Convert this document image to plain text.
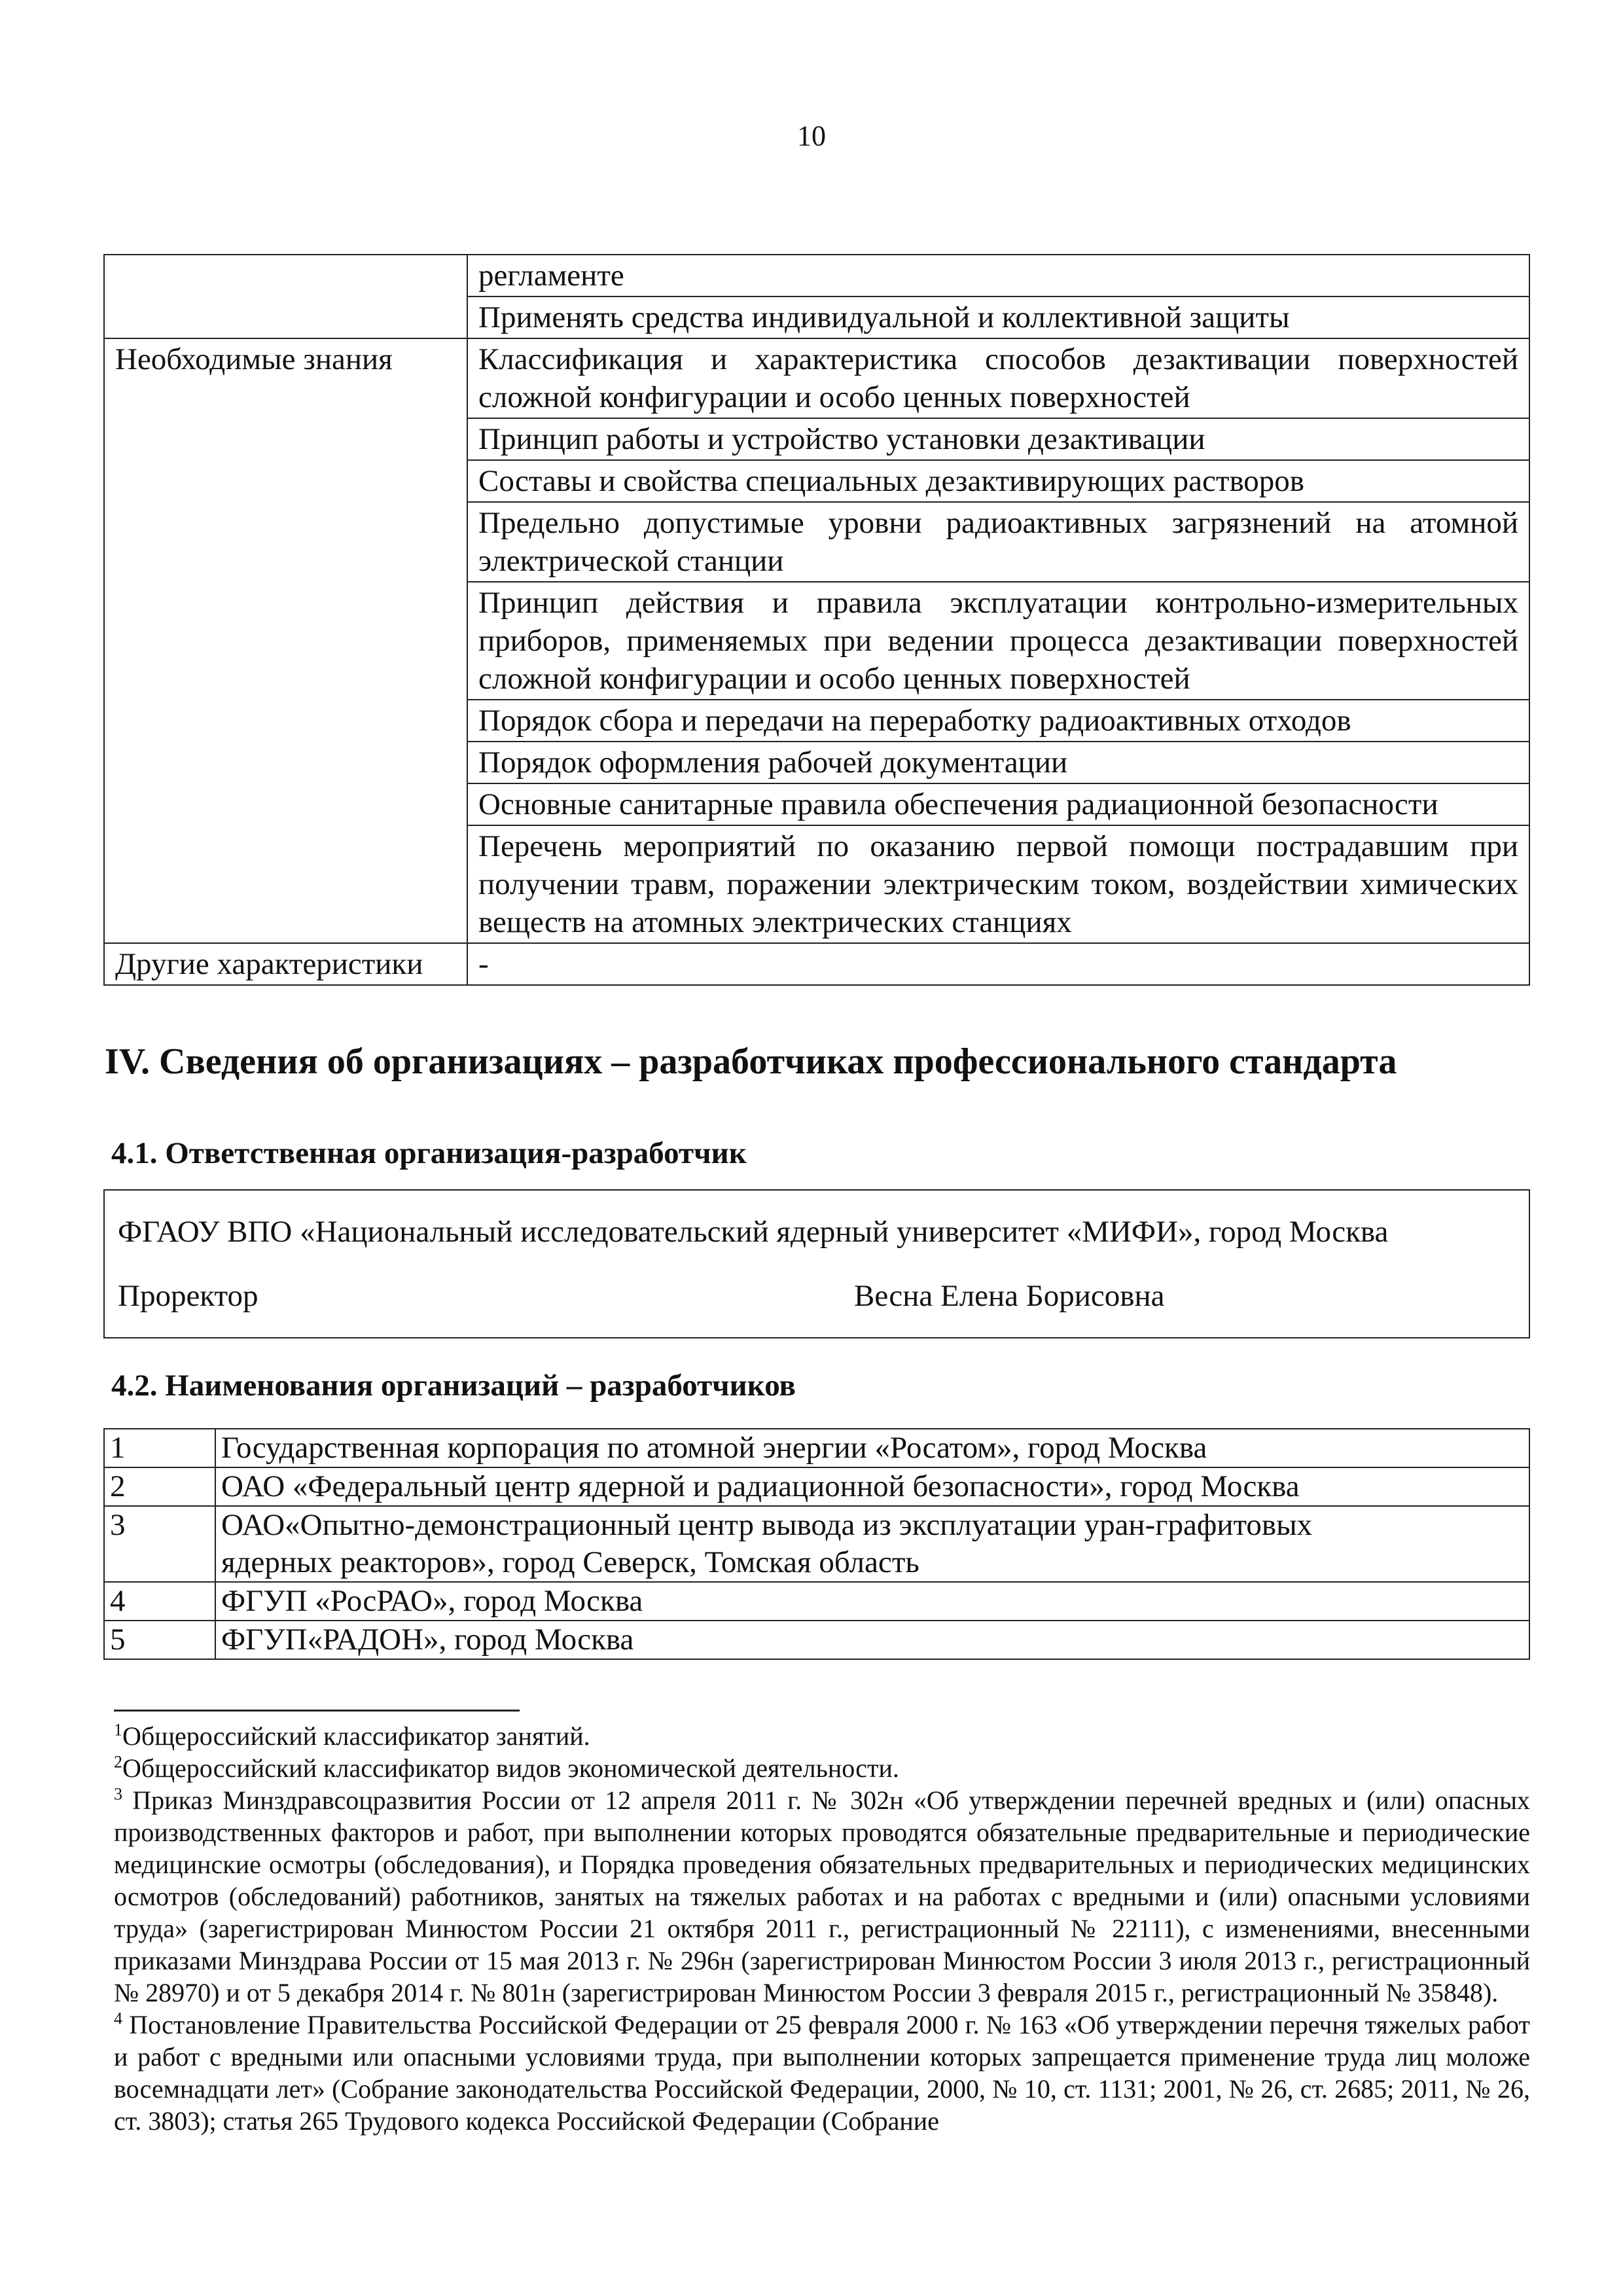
10
	регламенте
	Применять средства индивидуальной и коллективной защиты
Необходимые знания	Классификация и характеристика способов дезактивации поверхностей сложной конфигурации и особо ценных поверхностей
	Принцип работы и устройство установки дезактивации
	Составы и свойства специальных дезактивирующих растворов
	Предельно допустимые уровни радиоактивных загрязнений на атомной электрической станции
	Принцип действия и правила эксплуатации контрольно-измерительных приборов, применяемых при ведении процесса дезактивации поверхностей сложной конфигурации и особо ценных поверхностей
	Порядок сбора и передачи на переработку радиоактивных отходов
	Порядок оформления рабочей документации
	Основные санитарные правила обеспечения радиационной безопасности
	Перечень мероприятий по оказанию первой помощи пострадавшим при получении травм, поражении электрическим током, воздействии химических веществ на атомных электрических станциях
Другие характеристики	-
IV. Сведения об организациях – разработчиках профессионального стандарта
4.1. Ответственная организация-разработчик
ФГАОУ ВПО «Национальный исследовательский ядерный университет «МИФИ», город Москва

Проректор	Весна Елена Борисовна
4.2. Наименования организаций – разработчиков
1	Государственная корпорация по атомной энергии «Росатом», город Москва
2	ОАО «Федеральный центр ядерной и радиационной безопасности», город Москва
3	ОАО«Опытно-демонстрационный центр вывода из эксплуатации уран-графитовых ядерных реакторов», город Северск, Томская область
4	ФГУП «РосРАО», город Москва
5	ФГУП«РАДОН», город Москва

$^1$Общероссийский классификатор занятий.

$^2$Общероссийский классификатор видов экономической деятельности.

$^3$ Приказ Минздравсоцразвития России от 12 апреля 2011 г. № 302н «Об утверждении перечней вредных и (или) опасных производственных факторов и работ, при выполнении которых проводятся обязательные предварительные и периодические медицинские осмотры (обследования), и Порядка проведения обязательных предварительных и периодических медицинских осмотров (обследований) работников, занятых на тяжелых работах и на работах с вредными и (или) опасными условиями труда» (зарегистрирован Минюстом России 21 октября 2011 г., регистрационный № 22111), с изменениями, внесенными приказами Минздрава России от 15 мая 2013 г. № 296н (зарегистрирован Минюстом России 3 июля 2013 г., регистрационный № 28970) и от 5 декабря 2014 г. № 801н (зарегистрирован Минюстом России 3 февраля 2015 г., регистрационный № 35848).

$^4$ Постановление Правительства Российской Федерации от 25 февраля 2000 г. № 163 «Об утверждении перечня тяжелых работ и работ с вредными или опасными условиями труда, при выполнении которых запрещается применение труда лиц моложе восемнадцати лет» (Собрание законодательства Российской Федерации, 2000, № 10, ст. 1131; 2001, № 26, ст. 2685; 2011, № 26, ст. 3803); статья 265 Трудового кодекса Российской Федерации (Собрание
